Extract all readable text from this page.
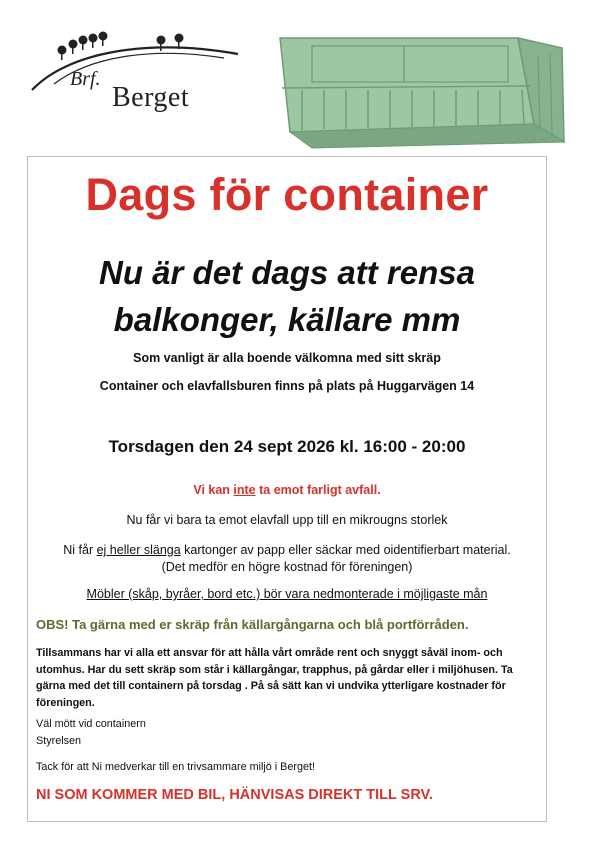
Brf.
Berget
Dags för container
Nu är det dags att rensa
balkonger, källare mm
Som vanligt är alla boende välkomna med sitt skräp
Container och elavfallsburen finns på plats på Huggarvägen 14
Torsdagen den 24 sept 2026 kl. 16:00 - 20:00
Vi kan inte ta emot farligt avfall.
Nu får vi bara ta emot elavfall upp till en mikrougns storlek
Ni får ej heller slänga kartonger av papp eller säckar med oidentifierbart material.
(Det medför en högre kostnad för föreningen)
Möbler (skåp, byråer, bord etc.) bör vara nedmonterade i möjligaste mån
OBS! Ta gärna med er skräp från källargångarna och blå portförråden.
Tillsammans har vi alla ett ansvar för att hålla vårt område rent och snyggt såväl inom- och utomhus. Har du sett skräp som står i källargångar, trapphus, på gårdar eller i miljöhusen. Ta gärna med det till containern på torsdag . På så sätt kan vi undvika ytterligare kostnader för föreningen.
Väl mött vid containern
Styrelsen
Tack för att Ni medverkar till en trivsammare miljö i Berget!
NI SOM KOMMER MED BIL, HÄNVISAS DIREKT TILL SRV.
